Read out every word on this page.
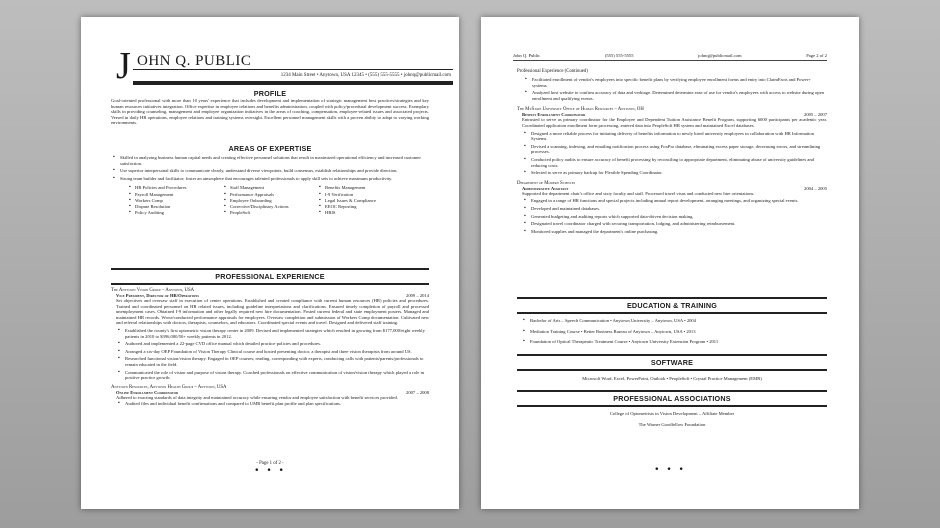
J OHN Q. PUBLIC
1234 Main Street • Anytown, USA 12345 • (555) 555-5555 • johnq@publicmail.com
PROFILE
Goal-oriented professional with more than 10 years' experience that includes development and implementation of strategic management best practices/strategies and key human resources initiatives integration. Office expertise in employee relations and benefits administration, coupled with policy/procedural development success. Exemplary skills in providing counseling, management and employee organization initiatives in the areas of coaching, compensation, employee-related issues and associated projects. Versed in daily HR operations, employee relations and training systems oversight. Excellent personnel management skills with a proven ability to adapt to varying working environments.
AREAS OF EXPERTISE
▪ Skilled in analyzing business human capital needs and creating effective personnel solutions that result in maximized operational efficiency and increased customer satisfaction.
▪ Use superior interpersonal skills to communicate clearly, understand diverse viewpoints, build consensus, establish relationships and provide direction.
▪ Strong team builder and facilitator; foster an atmosphere that encourages talented professionals to apply skill sets to achieve maximum productivity.
▪ HR Policies and Procedures	▪ Staff Management	▪ Benefits Management
▪ Payroll Management	▪ Performance Appraisals	▪ I-9 Verification
▪ Workers Comp	▪ Employee Onboarding	▪ Legal Issues & Compliance
▪ Dispute Resolution	▪ Corrective/Disciplinary Actions	▪ EEOC Reporting
▪ Policy Auditing	▪ PeopleSoft	▪ HRIS
PROFESSIONAL EXPERIENCE
The Anytown Vision Group – Anytown, USA
Vice President, Director of HR/Operations	2009 – 2014
Set objectives and oversaw staff in execution of center operations. Established and created compliance with current human resources (HR) policies and procedures. Trained and coordinated personnel on HR related issues, including guideline interpretations and clarifications. Ensured timely completion of payroll and processed unemployment cases. Obtained I-9 information and other legally required new hire documentation. Posted current federal and state employment posters. Managed and maintained HR records. Wrote/conducted performance appraisals for employees. Oversaw completion and submission of Workers Comp documentation. Cultivated new and referral relationships with doctors, therapists, counselors, and educators. Coordinated special events and travel. Designed and delivered staff training.
▪ Established the county's first optometric vision therapy center in 2009. Devised and implemented strategies which resulted in growing from $177,000/eight weekly patients in 2010 to $396,000/50+ weekly patients in 2012.
▪ Authored and implemented a 22-page CVD office manual which detailed practice policies and procedures.
▪ Arranged a six-day OEP Foundation of Vision Therapy Clinical course and hosted presenting doctor, a therapist and three vision therapists from around US.
▪ Researched functional vision/vision therapy. Engaged in OEP courses; reading, corresponding with experts, conducting calls with patients/parents/professionals to remain educated in the field.
▪ Communicated the role of vision and purpose of vision therapy. Coached professionals on effective communication of vision/vision therapy which played a role in positive practice growth.
Anytown Resources, Anytown Health Group – Anytown, USA
Online Enrollment Coordinator	2007 – 2008
Adhered to exacting standards of data integrity and maintained accuracy while ensuring vendor and employee satisfaction with benefit services provided.
▪ Audited files and individual benefit confirmations and compared to UMR benefit plan profile and plan specifications.
- Page 1 of 2 -
• • •
John Q. Public	(555) 555-5555	johnq@publicmail.com	Page 2 of 2
Professional Experience (Continued)
▪ Facilitated enrollment of vendor's employees into specific benefit plans by verifying employee enrollment forms and entry into ClaimFacts and Power+ systems.
▪ Analyzed host website to confirm accuracy of data and verbiage. Determined determine ease of use for vendor's employees with access to website during open enrollment and qualifying events.
The MyState University Office of Human Resources – Anytown, OH
Benefit Enrollment Coordinator	2005 – 2007
Entrusted to serve as primary coordinator for the Employee and Dependent Tuition Assistance Benefit Program, supporting 6000 participants per academic year. Coordinated application enrollment form processing, entered data into PeopleSoft HR system and maintained Excel databases.
▪ Designed a more reliable process for initiating delivery of benefits information to newly hired university employees in collaboration with HR Information Systems.
▪ Devised a scanning, indexing, and emailing notification process using FoxPro database, eliminating excess paper storage, decreasing errors, and streamlining processes.
▪ Conducted policy audits to ensure accuracy of benefit processing by reconciling to appropriate department, eliminating abuse of university guidelines and reducing costs.
▪ Selected to serve as primary backup for Flexible Spending Coordinator.
Department of Modern Sciences
Administrative Assistant	2004 – 2005
Supported the department chair's office and sixty faculty and staff. Processed travel visas and conducted new hire orientations.
▪ Engaged in a range of HR functions and special projects including annual report development, arranging meetings, and organizing special events.
▪ Developed and maintained databases.
▪ Generated budgeting and auditing reports which supported data-driven decision making.
▪ Designated travel coordinator charged with securing transportation, lodging, and administering reimbursement.
▪ Monitored supplies and managed the department's online purchasing.
EDUCATION & TRAINING
▪ Bachelor of Arts – Speech Communication • Anytown University – Anytown, USA • 2004
▪ Mediation Training Course • Better Business Bureau of Anytown – Anytown, USA • 2013
▪ Foundation of Optical Therapeutic Treatment Course • Anytown University Extension Program • 2011
SOFTWARE
Microsoft Word, Excel, PowerPoint, Outlook • PeopleSoft • Crystal Practice Management (EMR)
PROFESSIONAL ASSOCIATIONS
College of Optometrists in Vision Development – Affiliate Member
The Warner Goodfellow Foundation
• • •
